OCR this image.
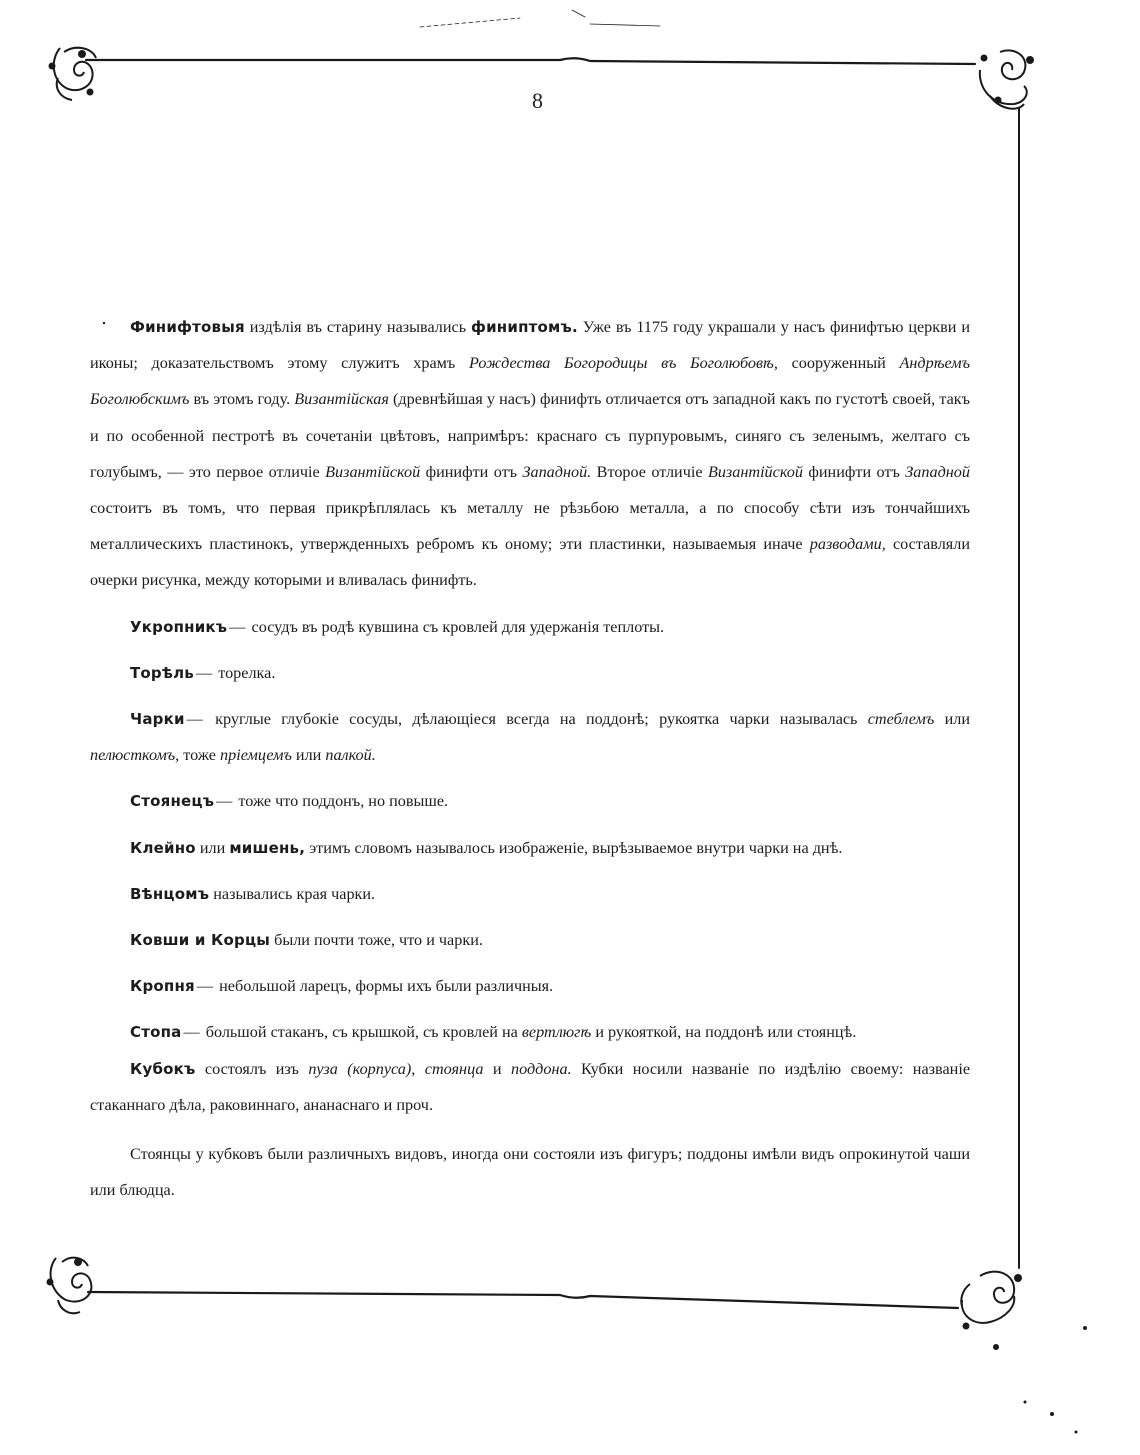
8

Финифтовыя издѣлія въ старину назывались финиптомъ. Уже въ 1175 году украшали у насъ финифтью церкви и иконы; доказательствомъ этому служитъ храмъ Рождества Богородицы въ Боголюбовѣ, сооруженный Андрѣемъ Боголюбскимъ въ этомъ году. Византійская (древнѣйшая у насъ) финифть отличается отъ западной какъ по густотѣ своей, такъ и по особенной пестротѣ въ сочетаніи цвѣтовъ, напримѣръ: краснаго съ пурпуровымъ, синяго съ зеленымъ, желтаго съ голубымъ, — это первое отличіе Византійской финифти отъ Западной. Второе отличіе Византійской финифти отъ Западной состоитъ въ томъ, что первая прикрѣплялась къ металлу не рѣзьбою металла, а по способу сѣти изъ тончайшихъ металлическихъ пластинокъ, утвержденныхъ ребромъ къ оному; эти пластинки, называемыя иначе разводами, составляли очерки рисунка, между которыми и вливалась финифть.

Укропникъ — сосудъ въ родѣ кувшина съ кровлей для удержанія теплоты.

Торѣль — торелка.

Чарки — круглые глубокіе сосуды, дѣлающіеся всегда на поддонѣ; рукоятка чарки называлась стеблемъ или пелюсткомъ, тоже пріемцемъ или палкой.

Стоянецъ — тоже что поддонъ, но повыше.

Клейно или мишень, этимъ словомъ называлось изображеніе, вырѣзываемое внутри чарки на днѣ.

Вѣнцомъ назывались края чарки.

Ковши и Корцы были почти тоже, что и чарки.

Кропня — небольшой ларецъ, формы ихъ были различныя.

Стопа — большой стаканъ, съ крышкой, съ кровлей на вертлюгѣ и рукояткой, на поддонѣ или стоянцѣ.

Кубокъ состоялъ изъ пуза (корпуса), стоянца и поддона. Кубки носили названіе по издѣлію своему: названіе стаканнаго дѣла, раковиннаго, ананаснаго и проч.

Стоянцы у кубковъ были различныхъ видовъ, иногда они состояли изъ фигуръ; поддоны имѣли видъ опрокинутой чаши или блюдца.
